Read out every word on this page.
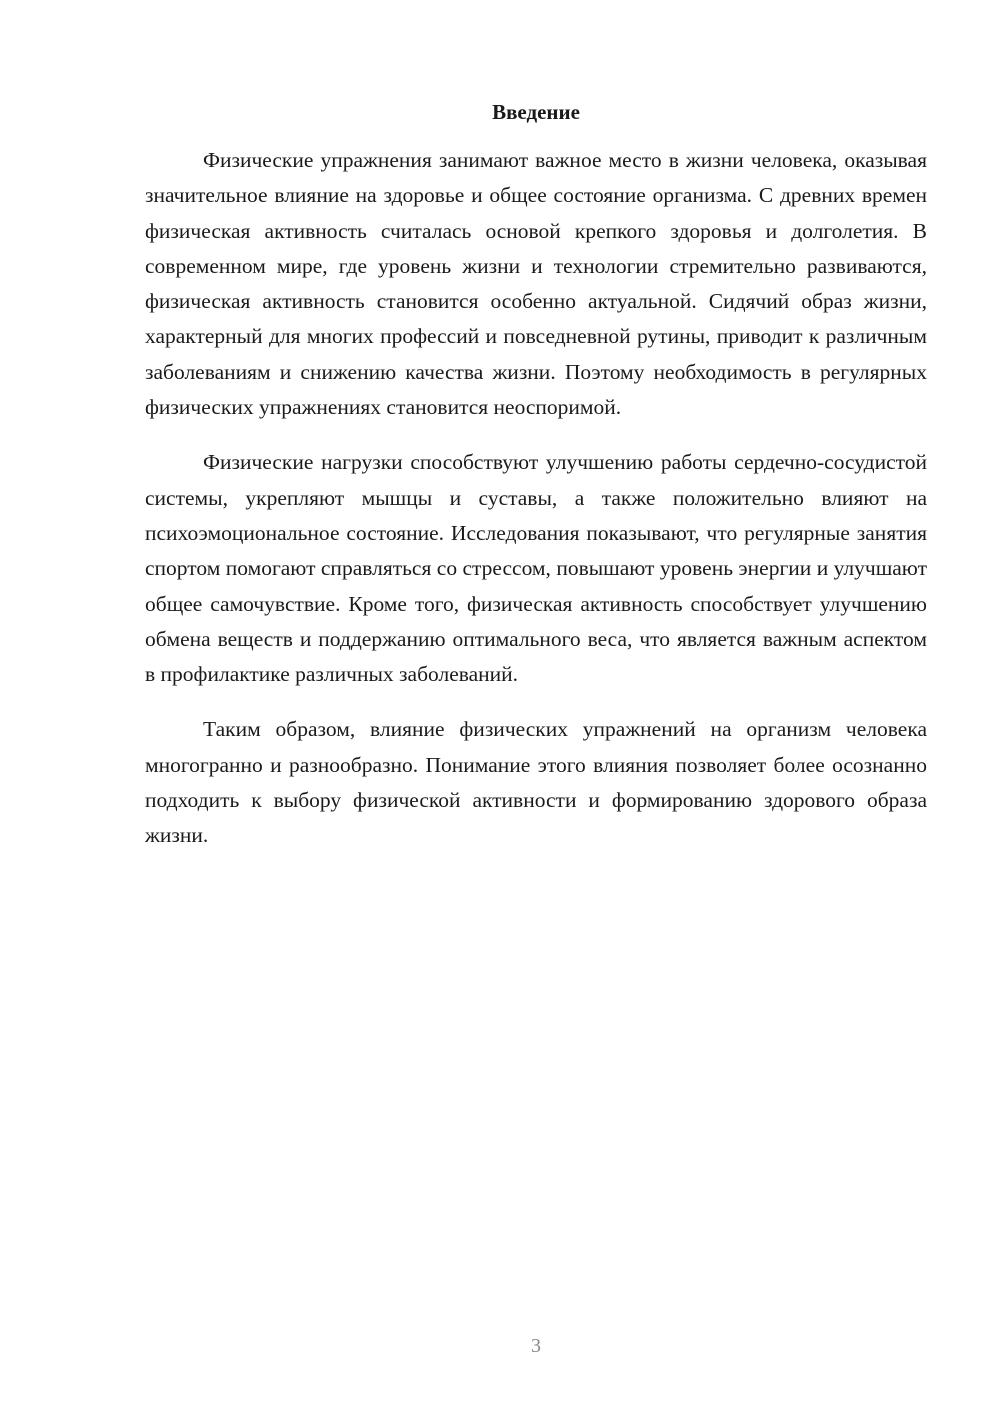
Введение

Физические упражнения занимают важное место в жизни человека, оказывая значительное влияние на здоровье и общее состояние организма. С древних времен физическая активность считалась основой крепкого здоровья и долголетия. В современном мире, где уровень жизни и технологии стремительно развиваются, физическая активность становится особенно актуальной. Сидячий образ жизни, характерный для многих профессий и повседневной рутины, приводит к различным заболеваниям и снижению качества жизни. Поэтому необходимость в регулярных физических упражнениях становится неоспоримой.

Физические нагрузки способствуют улучшению работы сердечно-сосудистой системы, укрепляют мышцы и суставы, а также положительно влияют на психоэмоциональное состояние. Исследования показывают, что регулярные занятия спортом помогают справляться со стрессом, повышают уровень энергии и улучшают общее самочувствие. Кроме того, физическая активность способствует улучшению обмена веществ и поддержанию оптимального веса, что является важным аспектом в профилактике различных заболеваний.

Таким образом, влияние физических упражнений на организм человека многогранно и разнообразно. Понимание этого влияния позволяет более осознанно подходить к выбору физической активности и формированию здорового образа жизни.

3
